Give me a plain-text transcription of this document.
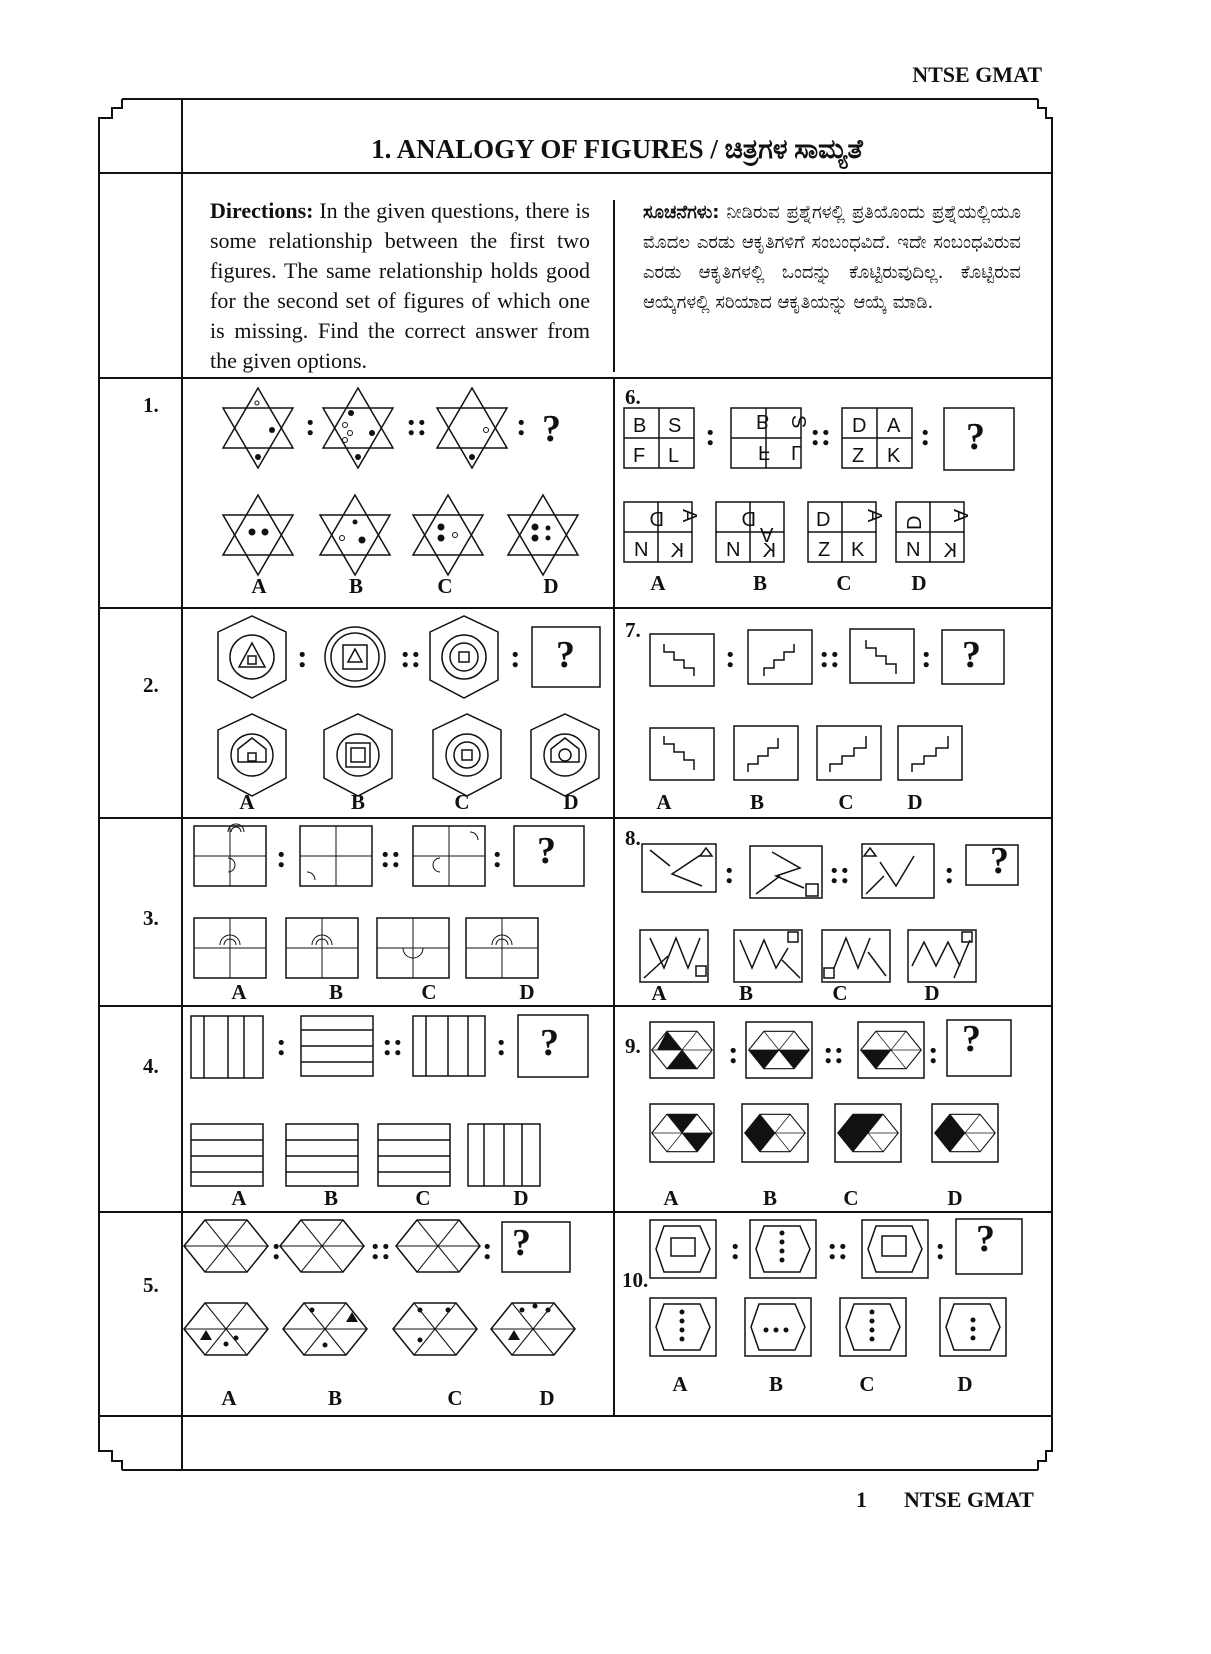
NTSE GMAT
1. ANALOGY OF FIGURES / ಚಿತ್ರಗಳ ಸಾಮ್ಯತೆ
Directions: In the given questions, there is some relationship between the first two figures. The same relationship holds good for the second set of figures of which one is missing. Find the correct answer from the given options.
ಸೂಚನೆಗಳು: ನೀಡಿರುವ ಪ್ರಶ್ನೆಗಳಲ್ಲಿ ಪ್ರತಿಯೊಂದು ಪ್ರಶ್ನೆಯಲ್ಲಿಯೂ ಮೊದಲ ಎರಡು ಆಕೃತಿಗಳಿಗೆ ಸಂಬಂಧವಿದೆ. ಇದೇ ಸಂಬಂಧವಿರುವ ಎರಡು ಆಕೃತಿಗಳಲ್ಲಿ ಒಂದನ್ನು ಕೊಟ್ಟಿರುವುದಿಲ್ಲ. ಕೊಟ್ಟಿರುವ ಆಯ್ಕೆಗಳಲ್ಲಿ ಸರಿಯಾದ ಆಕೃತಿಯನ್ನು ಆಯ್ಕೆ ಮಾಡಿ.
1.
2.
3.
4.
5.
6.
7.
8.
9.
10.
B S
F L
D A
Z K
N	N	Z K N
B S
F L
D A
K
D
A
K
D A D A
K
:	::	: ?	:	::	: ?
:	::	: ?	:	::	: ?
:	::	: ?	:	::	: ?
:	::	: ?	:	::	: ?
:	::	: ?	:	::	: ?
A	B	C	D	A	B	C	D
A	B	C	D	A	B	C	D
A	B	C	D	A	B	C	D
A	B	C	D	A	B	C	D
A	B	C	D
A	B	C	D
1 NTSE GMAT
